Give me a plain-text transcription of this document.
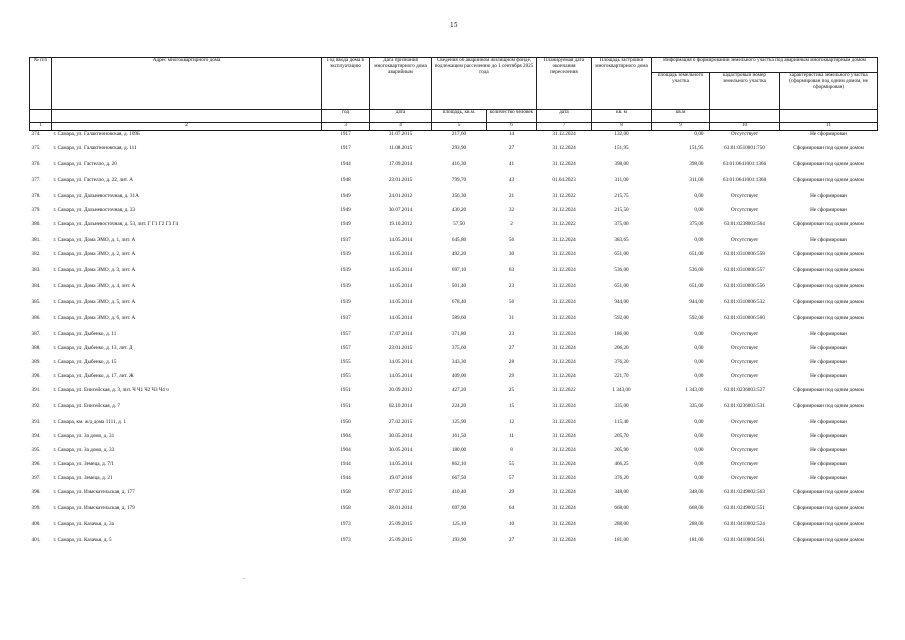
15
№ п/п	Адрес многоквартирного дома	Год ввода дома в эксплуатацию	Дата признания многоквартирного дома аварийным	Сведения об аварийном жилищном фонде, подлежащем расселению до 1 сентября 2025 года		Планируемая дата окончания переселения	Площадь застройки многоквартирного дома	Информация о формировании земельного участка под аварийным многоквартирным домом		
								площадь земельного участка	кадастровый номер земельного участка	характеристика земельного участка (сформирован под одним домом, не сформирован)

		год	дата	площадь, кв.м.	количество человек	дата	кв. м	кв.м		
1	2	3	4	5	6	7	8	9	10	11
374.	г. Самара, ул. Галактионовская, д. 109Б	1917	31.07.2015	217,60	14	31.12.2024	132,00	0,00	Отсутствует	Не сформирован
375.	г. Самара, ул. Галактионовская, д. 111	1917	11.08.2015	293,90	27	31.12.2024	151,95	151,95	63:01:0510001:750	Сформирован под одним домом
376.	г. Самара, ул. Гастелло, д. 20	1944	17.09.2014	416,30	41	31.12.2024	398,00	398,00	63:01:0641001:1366	Сформирован под одним домом
377.	г. Самара, ул. Гастелло, д. 22, лит. А	1948	23.01.2015	799,70	43	01.04.2023	311,00	311,00	63:01:0641001:1368	Сформирован под одним домом
378.	г. Самара, ул. Дальневосточная, д. 31А	1949	24.01.2012	356,30	21	31.12.2022	215,75	0,00	Отсутствует	Не сформирован
379.	г. Самара, ул. Дальневосточная, д. 33	1949	30.07.2014	430,20	32	31.12.2024	215,50	0,00	Отсутствует	Не сформирован
380.	г. Самара, ул. Дальневосточная, д. 53, лит. Г Г1 Г2 Г3 Г4	1949	19.10.2012	57,50	2	31.12.2022	375,00	375,00	63:01:0238003:564	Сформирован под одним домом
381.	г. Самара, ул. Дома ЭМО, д. 1, лит. А	1937	14.05.2014	645,80	56	31.12.2024	383,65	0,00	Отсутствует	Не сформирован
382.	г. Самара, ул. Дома ЭМО, д. 2, лит. А	1939	14.05.2014	492,20	30	31.12.2024	651,00	651,00	63:01:0310006:558	Сформирован под одним домом
383.	г. Самара, ул. Дома ЭМО, д. 3, лит. А	1939	14.05.2014	697,10	63	31.12.2024	536,00	536,00	63:01:0310006:557	Сформирован под одним домом
384.	г. Самара, ул. Дома ЭМО, д. 4, лит. А	1939	14.05.2014	501,40	23	31.12.2024	651,00	651,00	63:01:0310006:556	Сформирован под одним домом
385.	г. Самара, ул. Дома ЭМО, д. 5, лит. А	1939	14.05.2014	678,40	56	31.12.2024	944,00	944,00	63:01:0310006:532	Сформирован под одним домом
386.	г. Самара, ул. Дома ЭМО, д. 6, лит. А	1937	14.05.2014	589,60	31	31.12.2024	592,00	592,00	63:01:0310006:560	Сформирован под одним домом
387.	г. Самара, ул. Дыбенко, д. 11	1957	17.07.2014	371,80	23	31.12.2024	186,00	0,00	Отсутствует	Не сформирован
388.	г. Самара, ул. Дыбенко, д. 13, лит. Д	1957	23.01.2015	375,60	27	31.12.2024	206,20	0,00	Отсутствует	Не сформирован
389.	г. Самара, ул. Дыбенко, д. 15	1955	14.05.2014	343,30	28	31.12.2024	376,20	0,00	Отсутствует	Не сформирован
390.	г. Самара, ул. Дыбенко, д. 17, лит. Ж	1955	14.05.2014	409,00	29	31.12.2024	221,70	0,00	Отсутствует	Не сформирован
391.	г. Самара, ул. Енисейская, д. 3, лит. Ч Ч1 Ч2 Ч3 Ч4 ч	1951	20.09.2012	427,20	25	31.12.2022	1 343,00	1 343,00	63:01:0236003:527	Сформирован под одним домом
392.	г. Самара, ул. Енисейская, д. 7	1951	02.10.2014	224,20	15	31.12.2024	335,00	335,00	63:01:0236003:531	Сформирован под одним домом
393.	г. Самара, км. ж/д дома 1111, д. 1	1950	27.02.2015	125,90	12	31.12.2024	115,40	0,00	Отсутствует	Не сформирован
394.	г. Самара, ул. За домо, д. 31	1904	30.05.2014	161,50	11	31.12.2024	205,70	0,00	Отсутствует	Не сформирован
395.	г. Самара, ул. За домо, д. 33	1904	30.05.2014	180,00	8	31.12.2024	205,90	0,00	Отсутствует	Не сформирован
396.	г. Самара, ул. Земеца, д. 7/1	1944	14.05.2014	862,10	55	31.12.2024	466,25	0,00	Отсутствует	Не сформирован
397.	г. Самара, ул. Земеца, д. 21	1944	19.07.2016	667,50	57	31.12.2024	376,20	0,00	Отсутствует	Не сформирован
398.	г. Самара, ул. Изыскательская, д. 177	1958	07.07.2015	410,40	29	31.12.2024	348,00	348,00	63:01:0249002:563	Сформирован под одним домом
399.	г. Самара, ул. Изыскательская, д. 179	1958	28.01.2014	697,90	64	31.12.2024	668,00	668,00	63:01:0249002:551	Сформирован под одним домом
400.	г. Самара, ул. Казачья, д. 3а	1973	25.09.2015	125,10	10	31.12.2024	288,00	288,00	63:01:0410002:524	Сформирован под одним домом
401.	г. Самара, ул. Казачья, д. 5	1973	25.09.2015	193,90	27	31.12.2024	181,00	181,00	63:01:0410004:561	Сформирован под одним домом
·
